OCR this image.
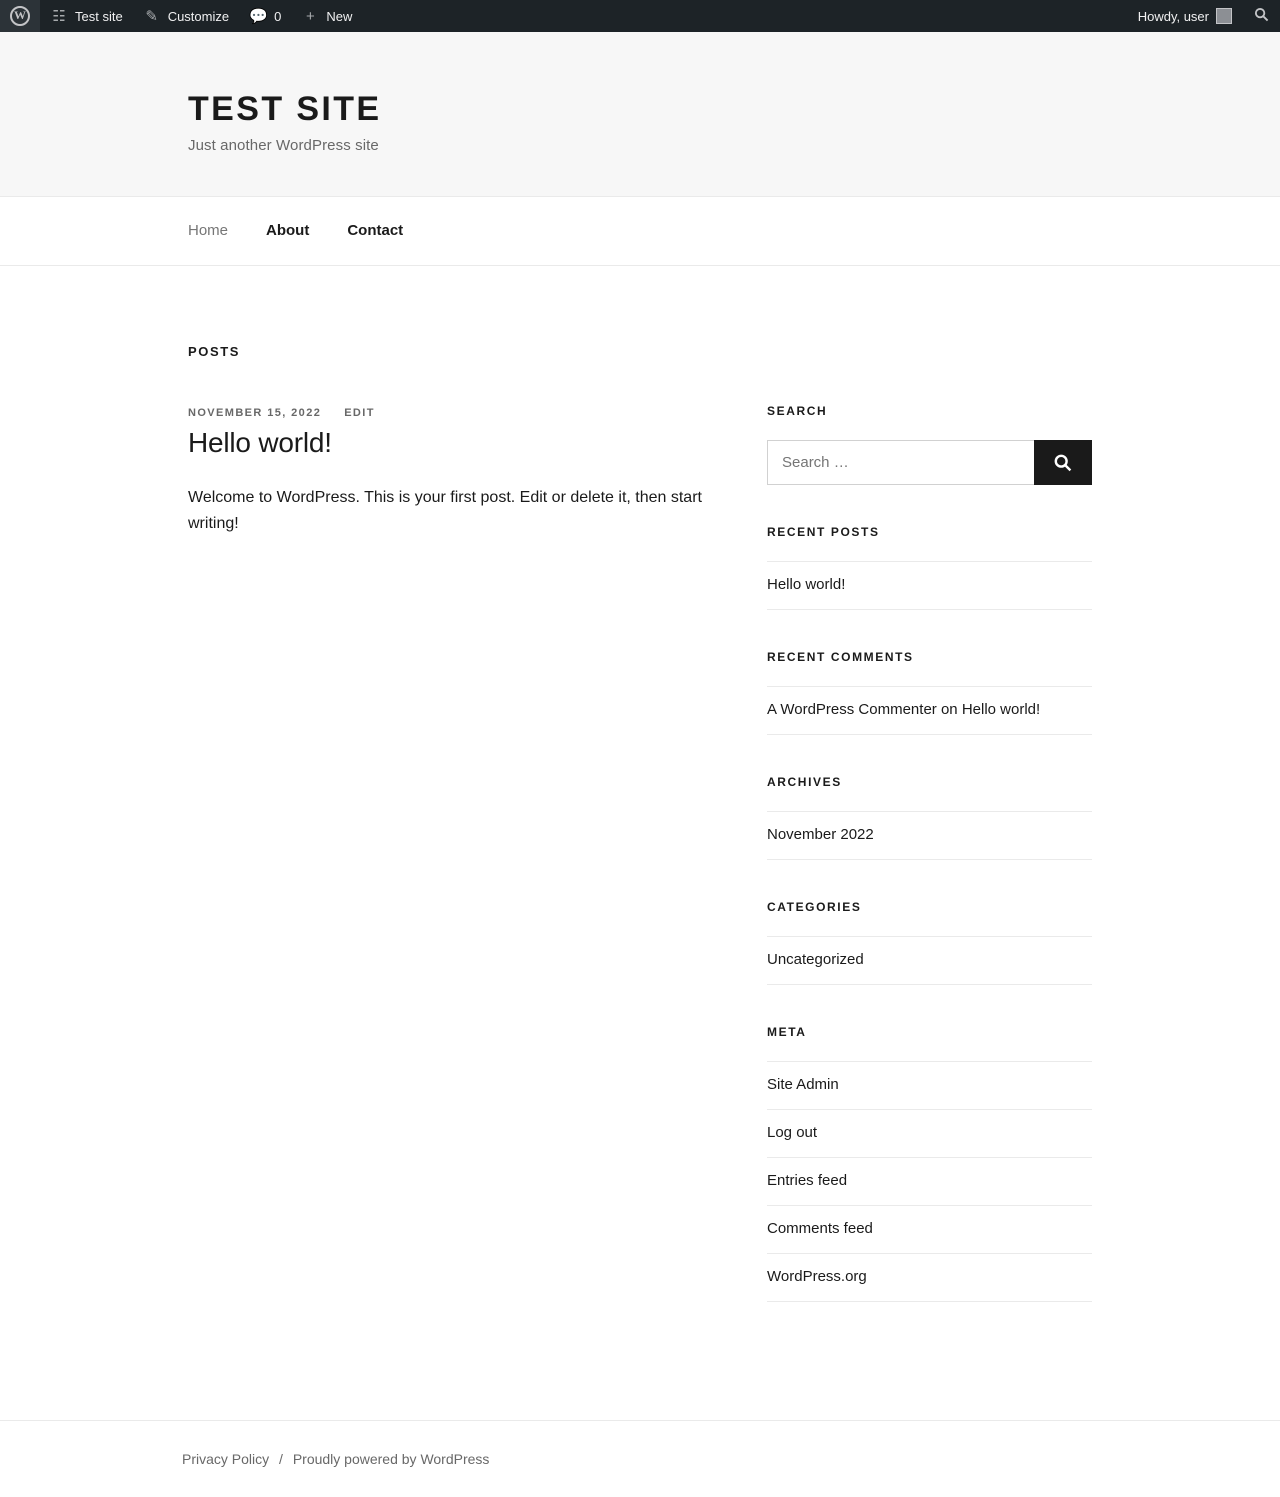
W
☷ Test site ✎ Customize 💬 0	+ New	Howdy, user
TEST SITE

Just another WordPress site

Home	About	Contact
POSTS
NOVEMBER 15, 2022 EDIT
Hello world!

Welcome to WordPress. This is your first post. Edit or delete it, then start writing!

SEARCH
Search …
RECENT POSTS
Hello world!
RECENT COMMENTS
A WordPress Commenter on Hello world!
ARCHIVES
November 2022
CATEGORIES
Uncategorized
META
Site Admin
Log out
Entries feed
Comments feed
WordPress.org
Privacy Policy / Proudly powered by WordPress
